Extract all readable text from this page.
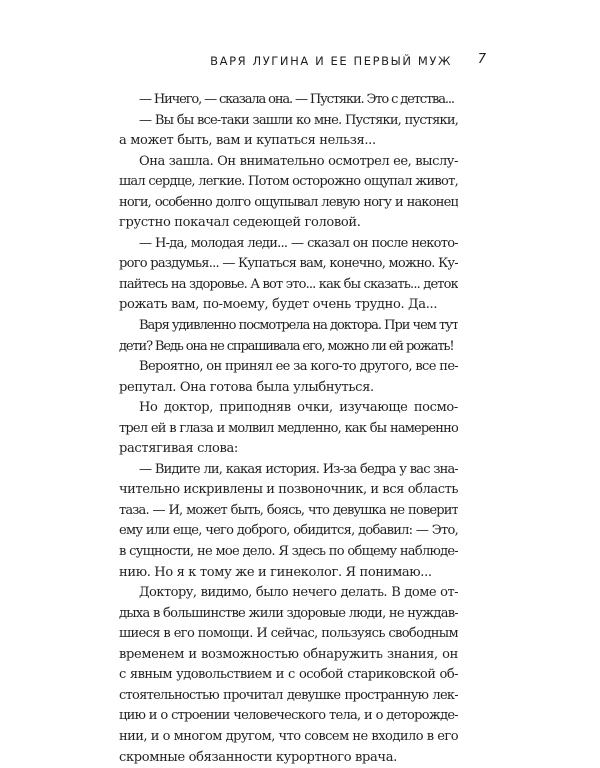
ВАРЯ ЛУГИНА И ЕЕ ПЕРВЫЙ МУЖ 7

— Ничего, — сказала она. — Пустяки. Это с детства...

— Вы бы все-таки зашли ко мне. Пустяки, пустяки,

а может быть, вам и купаться нельзя...

Она зашла. Он внимательно осмотрел ее, выслу-

шал сердце, легкие. Потом осторожно ощупал живот,

ноги, особенно долго ощупывал левую ногу и наконец

грустно покачал седеющей головой.

— Н-да, молодая леди... — сказал он после некото-

рого раздумья... — Купаться вам, конечно, можно. Ку-

пайтесь на здоровье. А вот это... как бы сказать... деток

рожать вам, по-моему, будет очень трудно. Да...

Варя удивленно посмотрела на доктора. При чем тут

дети? Ведь она не спрашивала его, можно ли ей рожать!

Вероятно, он принял ее за кого-то другого, все пе-

репутал. Она готова была улыбнуться.

Но доктор, приподняв очки, изучающе посмо-

трел ей в глаза и молвил медленно, как бы намеренно

растягивая слова:

— Видите ли, какая история. Из-за бедра у вас зна-

чительно искривлены и позвоночник, и вся область

таза. — И, может быть, боясь, что девушка не поверит

ему или еще, чего доброго, обидится, добавил: — Это,

в сущности, не мое дело. Я здесь по общему наблюде-

нию. Но я к тому же и гинеколог. Я понимаю...

Доктору, видимо, было нечего делать. В доме от-

дыха в большинстве жили здоровые люди, не нуждав-

шиеся в его помощи. И сейчас, пользуясь свободным

временем и возможностью обнаружить знания, он

с явным удовольствием и с особой стариковской об-

стоятельностью прочитал девушке пространную лек-

цию и о строении человеческого тела, и о деторожде-

нии, и о многом другом, что совсем не входило в его

скромные обязанности курортного врача.
